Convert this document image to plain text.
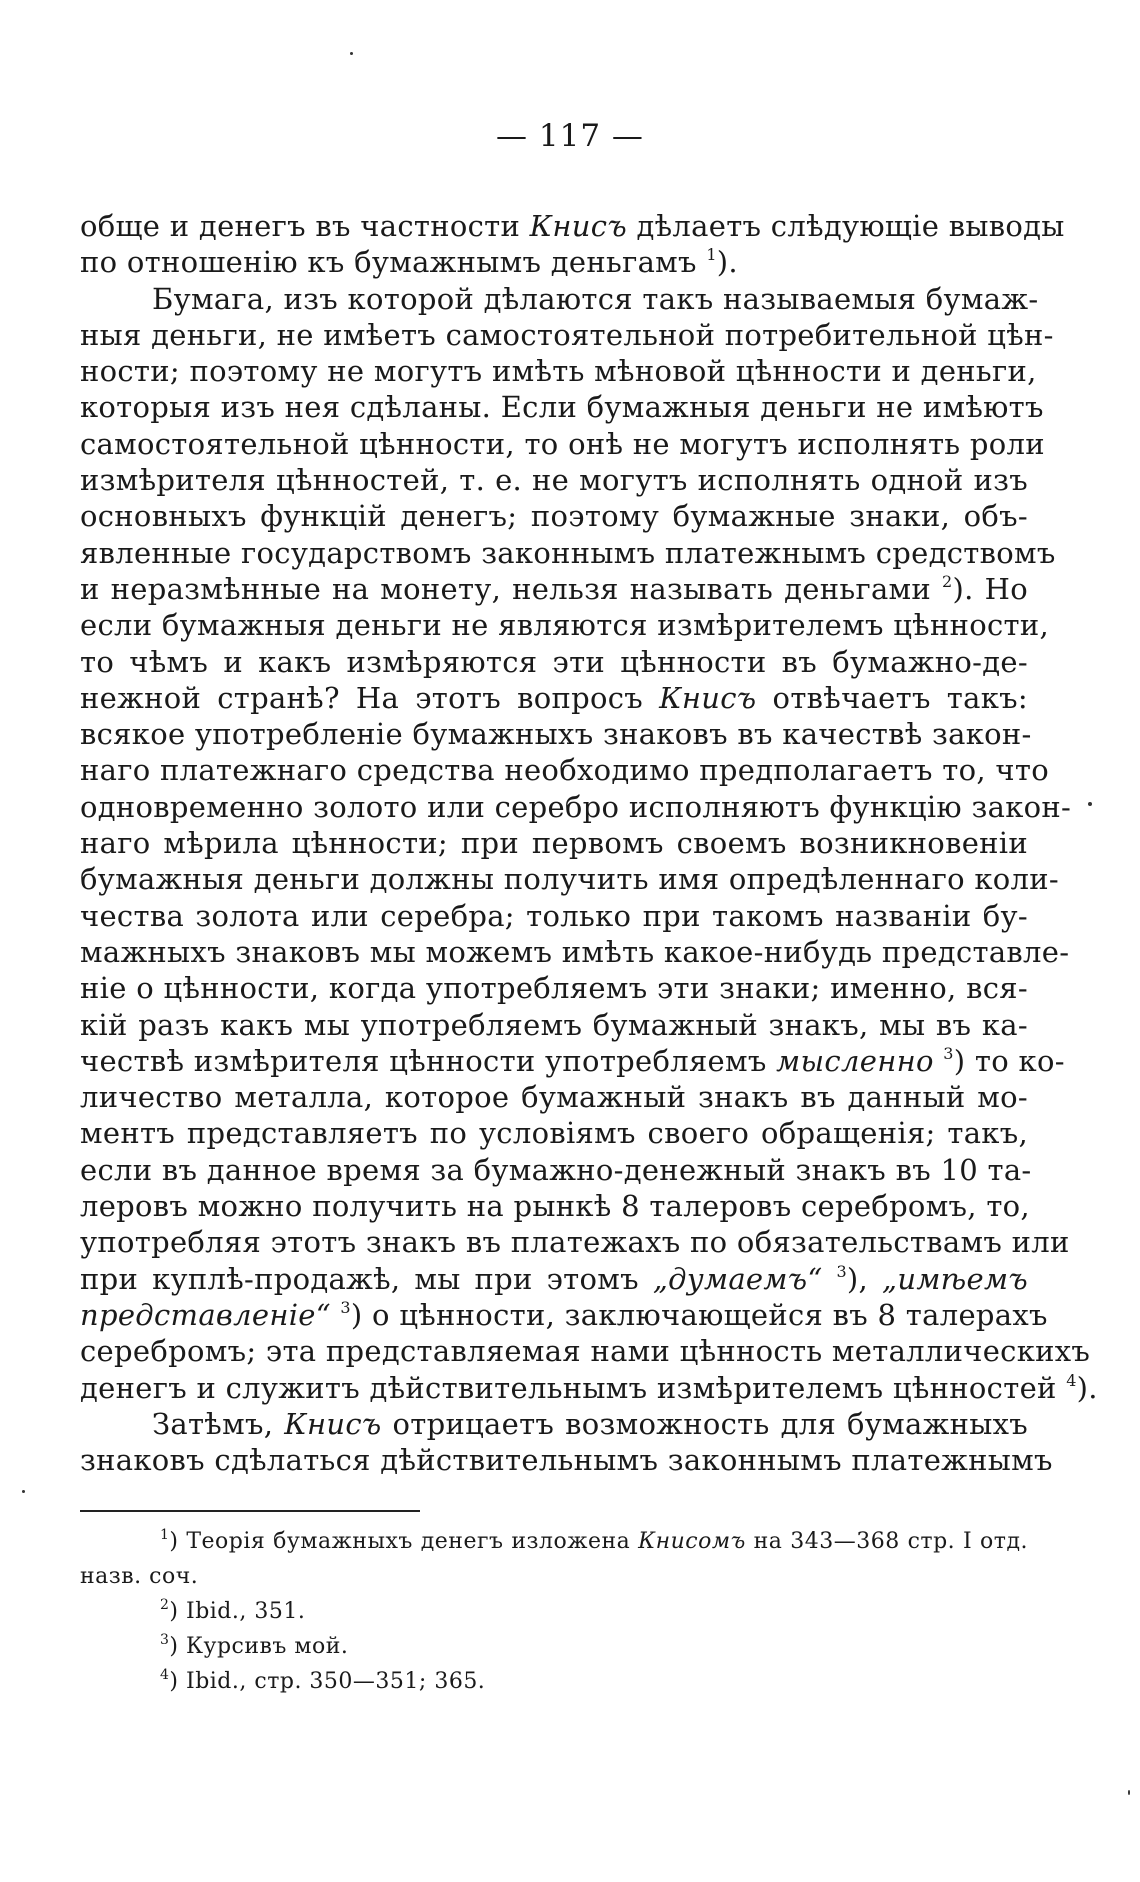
— 117 —
обще и денегъ въ частности Книсъ дѣлаетъ слѣдующіе выводы
по отношенію къ бумажнымъ деньгамъ $^1$).
Бумага, изъ которой дѣлаются такъ называемыя бумаж-
ныя деньги, не имѣетъ самостоятельной потребительной цѣн-
ности; поэтому не могутъ имѣть мѣновой цѣнности и деньги,
которыя изъ нея сдѣланы. Если бумажныя деньги не имѣютъ
самостоятельной цѣнности, то онѣ не могутъ исполнять роли
измѣрителя цѣнностей, т. е. не могутъ исполнять одной изъ
основныхъ функцій денегъ; поэтому бумажные знаки, объ-
явленные государствомъ законнымъ платежнымъ средствомъ
и неразмѣнные на монету, нельзя называть деньгами $^2$). Но
если бумажныя деньги не являются измѣрителемъ цѣнности,
то чѣмъ и какъ измѣряются эти цѣнности въ бумажно-де-
нежной странѣ? На этотъ вопросъ Книсъ отвѣчаетъ такъ:
всякое употребленіе бумажныхъ знаковъ въ качествѣ закон-
наго платежнаго средства необходимо предполагаетъ то, что
одновременно золото или серебро исполняютъ функцію закон-
наго мѣрила цѣнности; при первомъ своемъ возникновеніи
бумажныя деньги должны получить имя опредѣленнаго коли-
чества золота или серебра; только при такомъ названіи бу-
мажныхъ знаковъ мы можемъ имѣть какое-нибудь представле-
ніе о цѣнности, когда употребляемъ эти знаки; именно, вся-
кій разъ какъ мы употребляемъ бумажный знакъ, мы въ ка-
чествѣ измѣрителя цѣнности употребляемъ мысленно $^3$) то ко-
личество металла, которое бумажный знакъ въ данный мо-
ментъ представляетъ по условіямъ своего обращенія; такъ,
если въ данное время за бумажно-денежный знакъ въ 10 та-
леровъ можно получить на рынкѣ 8 талеровъ серебромъ, то,
употребляя этотъ знакъ въ платежахъ по обязательствамъ или
при куплѣ-продажѣ, мы при этомъ „думаемъ“ $^3$), „имѣемъ
представленіе“ $^3$) о цѣнности, заключающейся въ 8 талерахъ
серебромъ; эта представляемая нами цѣнность металлическихъ
денегъ и служитъ дѣйствительнымъ измѣрителемъ цѣнностей $^4$).
Затѣмъ, Книсъ отрицаетъ возможность для бумажныхъ
знаковъ сдѣлаться дѣйствительнымъ законнымъ платежнымъ
$^1$) Теорія бумажныхъ денегъ изложена Книсомъ на 343—368 стр. I отд.
назв. соч.
$^2$) Ibid., 351.
$^3$) Курсивъ мой.
$^4$) Ibid., стр. 350—351; 365.
